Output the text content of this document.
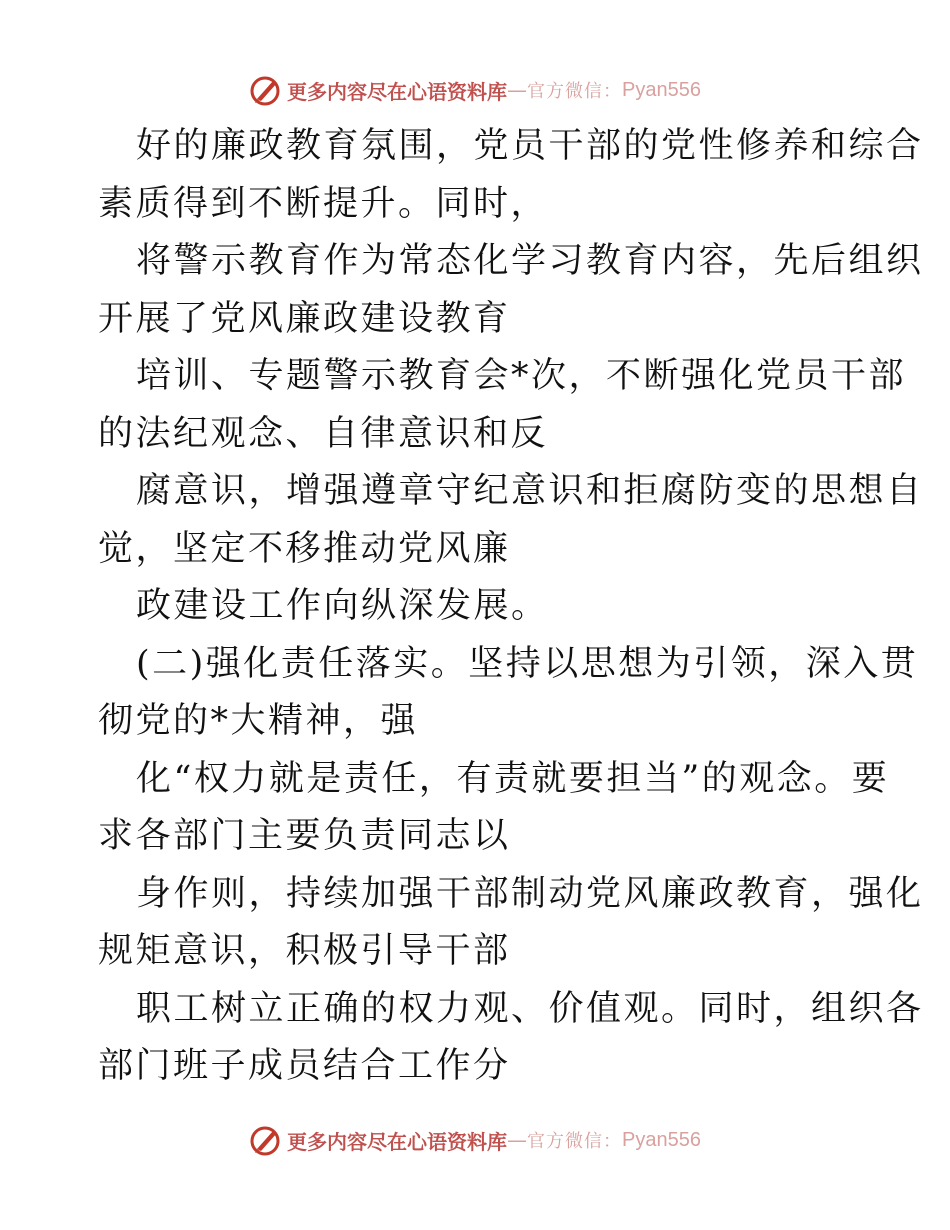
更多内容尽在心语资料库 — 官方微信： Pyan556
好的廉政教育氛围，党员干部的党性修养和综合
素质得到不断提升。同时，
将警示教育作为常态化学习教育内容，先后组织
开展了党风廉政建设教育
培训、专题警示教育会*次，不断强化党员干部
的法纪观念、自律意识和反
腐意识，增强遵章守纪意识和拒腐防变的思想自
觉，坚定不移推动党风廉
政建设工作向纵深发展。
(二)强化责任落实。坚持以思想为引领，深入贯
彻党的*大精神，强
化“权力就是责任，有责就要担当”的观念。要
求各部门主要负责同志以
身作则，持续加强干部制动党风廉政教育，强化
规矩意识，积极引导干部
职工树立正确的权力观、价值观。同时，组织各
部门班子成员结合工作分
更多内容尽在心语资料库 — 官方微信： Pyan556
